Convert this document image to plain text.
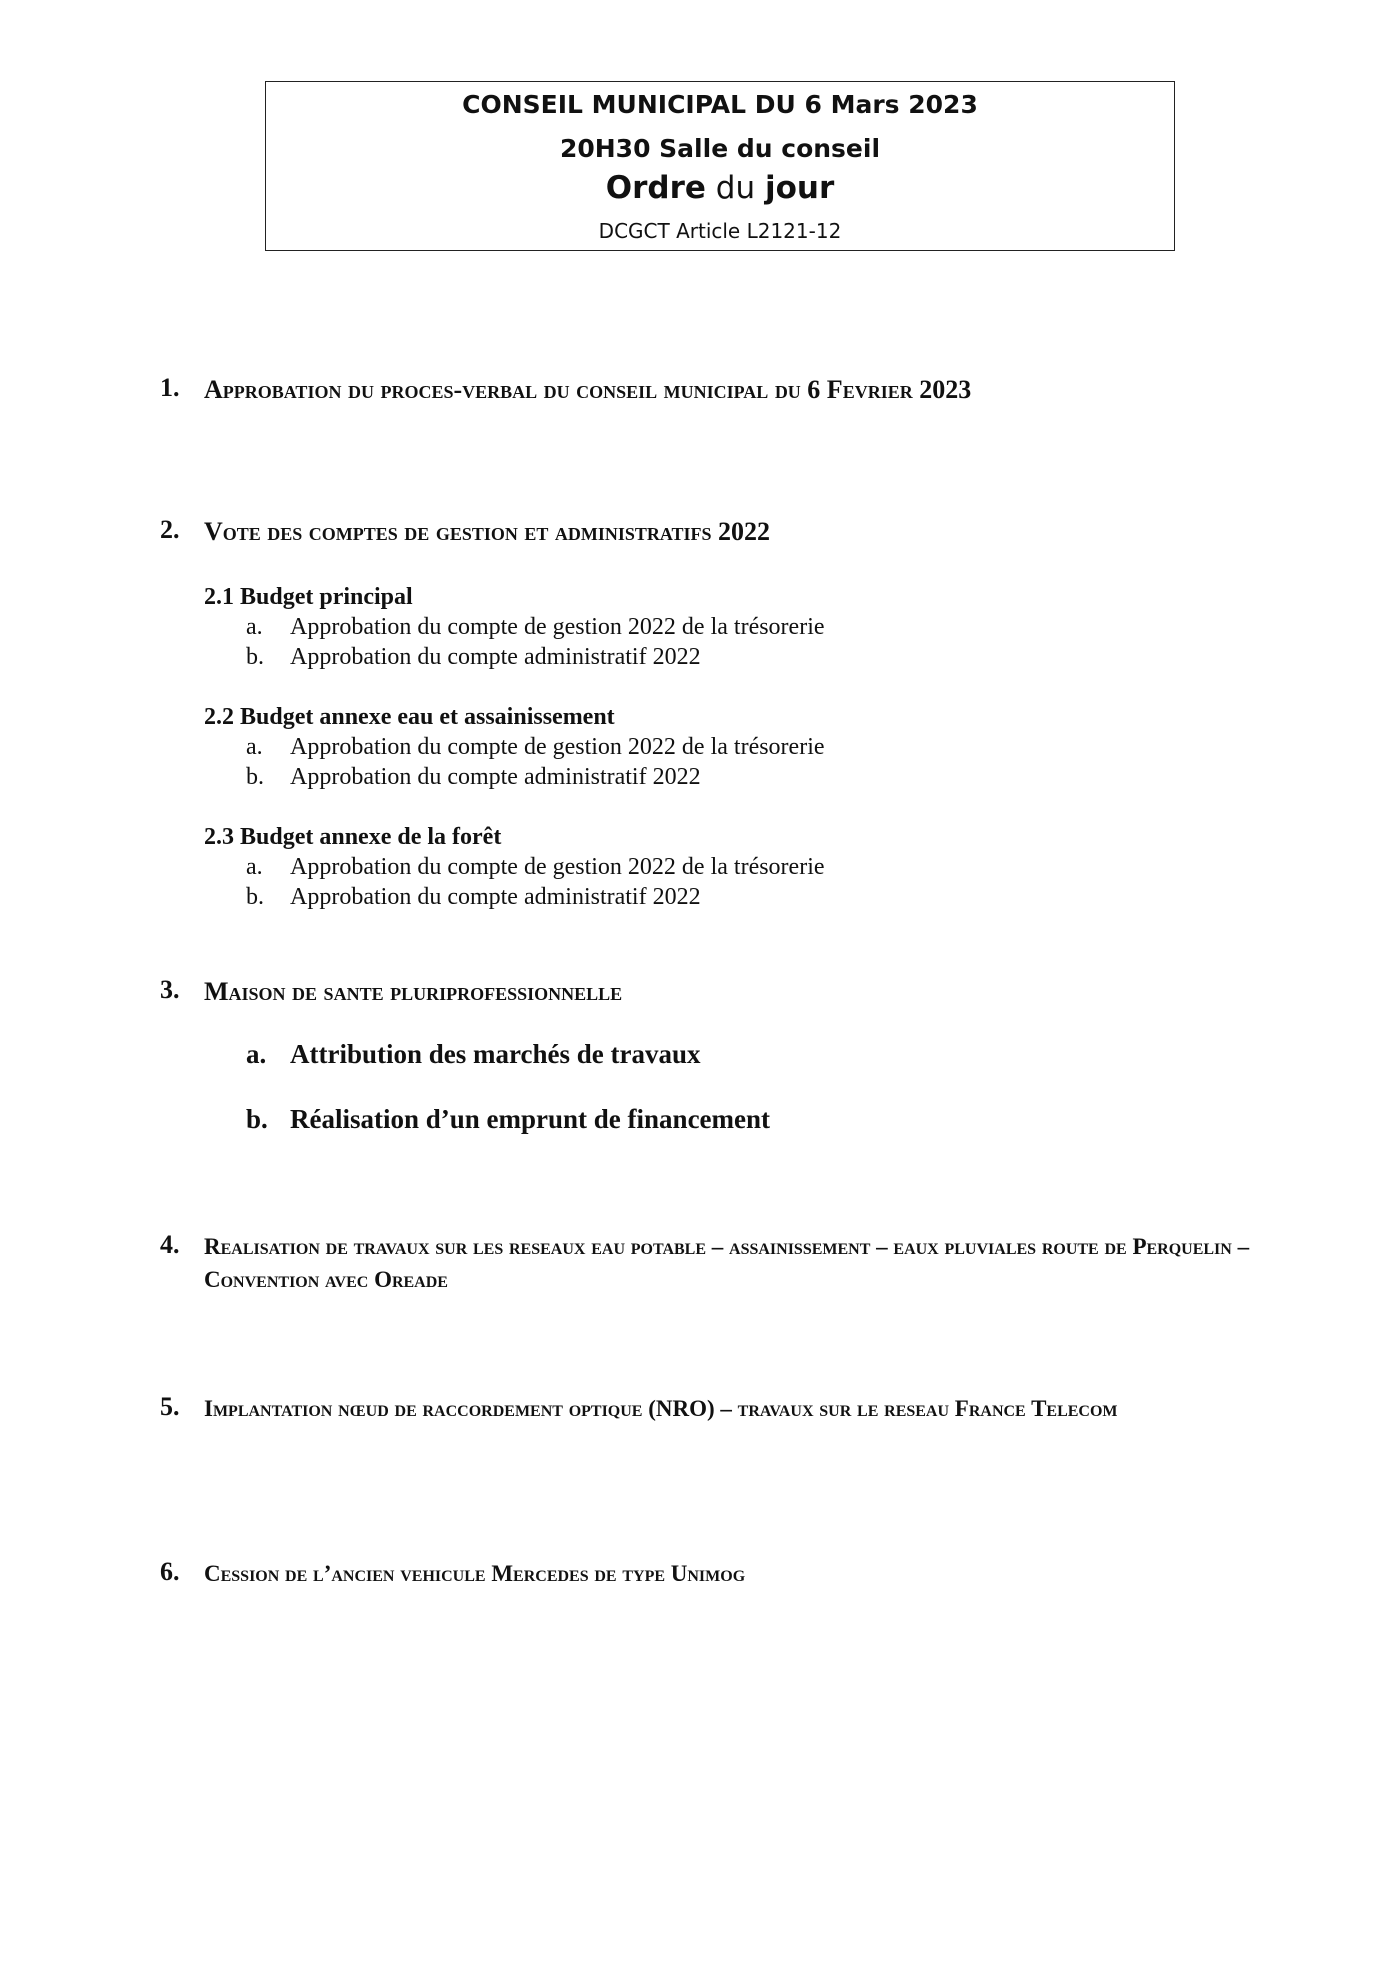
CONSEIL MUNICIPAL DU 6 Mars 2023
20H30 Salle du conseil
Ordre du jour
DCGCT Article L2121-12
1. Approbation du proces-verbal du conseil municipal du 6 Fevrier 2023
2. Vote des comptes de gestion et administratifs 2022
2.1 Budget principal
a. Approbation du compte de gestion 2022 de la trésorerie
b. Approbation du compte administratif 2022
2.2 Budget annexe eau et assainissement
a. Approbation du compte de gestion 2022 de la trésorerie
b. Approbation du compte administratif 2022
2.3 Budget annexe de la forêt
a. Approbation du compte de gestion 2022 de la trésorerie
b. Approbation du compte administratif 2022
3. Maison de sante pluriprofessionnelle
a. Attribution des marchés de travaux
b. Réalisation d’un emprunt de financement
4. Realisation de travaux sur les reseaux eau potable – assainissement – eaux pluviales route de Perquelin – Convention avec Oreade
5. Implantation nœud de raccordement optique (NRO) – travaux sur le reseau France Telecom
6. Cession de l’ancien vehicule Mercedes de type Unimog
